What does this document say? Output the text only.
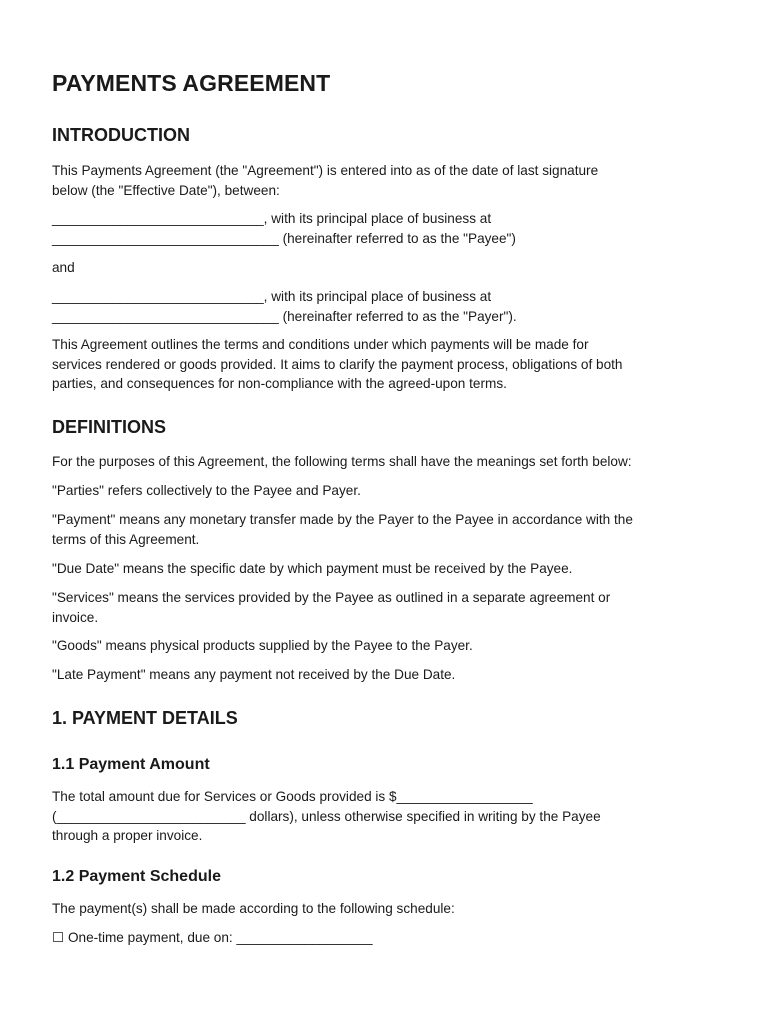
PAYMENTS AGREEMENT
INTRODUCTION

This Payments Agreement (the "Agreement") is entered into as of the date of last signature
below (the "Effective Date"), between:

____________________________, with its principal place of business at
______________________________ (hereinafter referred to as the "Payee")

and

____________________________, with its principal place of business at
______________________________ (hereinafter referred to as the "Payer").

This Agreement outlines the terms and conditions under which payments will be made for
services rendered or goods provided. It aims to clarify the payment process, obligations of both
parties, and consequences for non-compliance with the agreed-upon terms.

DEFINITIONS

For the purposes of this Agreement, the following terms shall have the meanings set forth below:

"Parties" refers collectively to the Payee and Payer.

"Payment" means any monetary transfer made by the Payer to the Payee in accordance with the
terms of this Agreement.

"Due Date" means the specific date by which payment must be received by the Payee.

"Services" means the services provided by the Payee as outlined in a separate agreement or
invoice.

"Goods" means physical products supplied by the Payee to the Payer.

"Late Payment" means any payment not received by the Due Date.

1. PAYMENT DETAILS
1.1 Payment Amount

The total amount due for Services or Goods provided is $__________________
(_________________________ dollars), unless otherwise specified in writing by the Payee
through a proper invoice.

1.2 Payment Schedule

The payment(s) shall be made according to the following schedule:

☐ One-time payment, due on: __________________
